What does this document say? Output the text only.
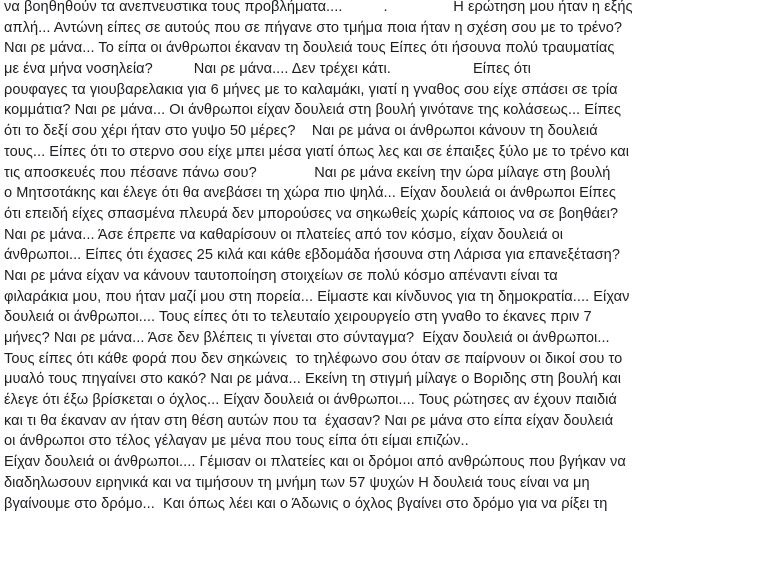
να βοηθηθούν τα ανεπνευστικα τους προβλήματα....          .                Η ερώτηση μου ήταν η εξής
απλή... Αντώνη είπες σε αυτούς που σε πήγανε στο τμήμα ποια ήταν η σχέση σου με το τρένο?
Ναι ρε μάνα... Το είπα οι άνθρωποι έκαναν τη δουλειά τους Είπες ότι ήσουνα πολύ τραυματίας
με ένα μήνα νοσηλεία?          Ναι ρε μάνα.... Δεν τρέχει κάτι.                    Είπες ότι
ρουφαγες τα γιουβαρελακια για 6 μήνες με το καλαμάκι, γιατί η γναθος σου είχε σπάσει σε τρία
κομμάτια? Ναι ρε μάνα... Οι άνθρωποι είχαν δουλειά στη βουλή γινότανε της κολάσεως... Είπες
ότι το δεξί σου χέρι ήταν στο γυψο 50 μέρες?    Ναι ρε μάνα οι άνθρωποι κάνουν τη δουλειά
τους... Είπες ότι το στερνο σου είχε μπει μέσα γιατί όπως λες και σε έπαιξες ξύλο με το τρένο και
τις αποσκευές που πέσανε πάνω σου?              Ναι ρε μάνα εκείνη την ώρα μίλαγε στη βουλή
ο Μητσοτάκης και έλεγε ότι θα ανεβάσει τη χώρα πιο ψηλά... Είχαν δουλειά οι άνθρωποι Είπες
ότι επειδή είχες σπασμένα πλευρά δεν μπορούσες να σηκωθείς χωρίς κάποιος να σε βοηθάει?
Ναι ρε μάνα... Άσε έπρεπε να καθαρίσουν οι πλατείες από τον κόσμο, είχαν δουλειά οι
άνθρωποι... Είπες ότι έχασες 25 κιλά και κάθε εβδομάδα ήσουνα στη Λάρισα για επανεξέταση?
Ναι ρε μάνα είχαν να κάνουν ταυτοποίηση στοιχείων σε πολύ κόσμο απέναντι είναι τα
φιλαράκια μου, που ήταν μαζί μου στη πορεία... Είμαστε και κίνδυνος για τη δημοκρατία.... Είχαν
δουλειά οι άνθρωποι.... Τους είπες ότι το τελευταίο χειρουργείο στη γναθο το έκανες πριν 7
μήνες? Ναι ρε μάνα... Άσε δεν βλέπεις τι γίνεται στο σύνταγμα?  Είχαν δουλειά οι άνθρωποι...
Τους είπες ότι κάθε φορά που δεν σηκώνεις  το τηλέφωνο σου όταν σε παίρνουν οι δικοί σου το
μυαλό τους πηγαίνει στο κακό? Ναι ρε μάνα... Εκείνη τη στιγμή μίλαγε ο Βοριδης στη βουλή και
έλεγε ότι έξω βρίσκεται ο όχλος... Είχαν δουλειά οι άνθρωποι.... Τους ρώτησες αν έχουν παιδιά
και τι θα έκαναν αν ήταν στη θέση αυτών που τα  έχασαν? Ναι ρε μάνα στο είπα είχαν δουλειά
οι άνθρωποι στο τέλος γέλαγαν με μένα που τους είπα ότι είμαι επιζών..
Είχαν δουλειά οι άνθρωποι.... Γέμισαν οι πλατείες και οι δρόμοι από ανθρώπους που βγήκαν να
διαδηλωσουν ειρηνικά και να τιμήσουν τη μνήμη των 57 ψυχών Η δουλειά τους είναι να μη
βγαίνουμε στο δρόμο...  Και όπως λέει και ο Άδωνις ο όχλος βγαίνει στο δρόμο για να ρίξει τη
